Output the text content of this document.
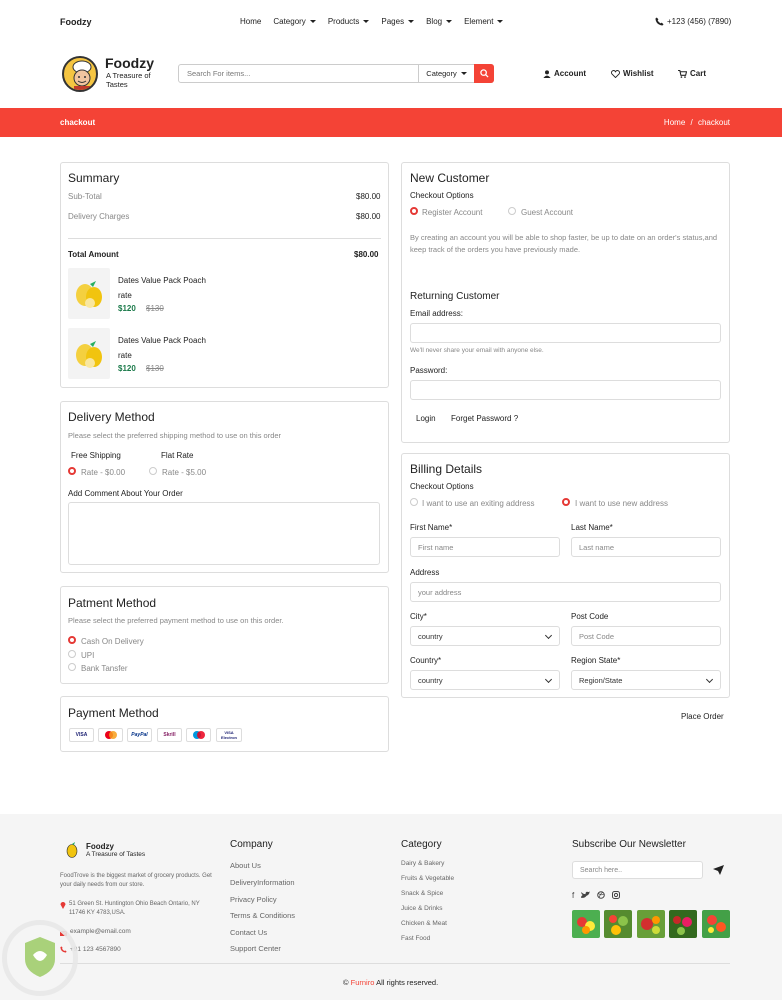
Foodzy	Home Category	Products	Pages	Blog	Element	+123 (456) (7890)
Foodzy
A Treasure of Tastes
Search For items...	Category	Account	Wishlist	Cart
chackout	Home / chackout
Summary
Sub-Total	$80.00
Delivery Charges	$80.00
Total Amount	$80.00
Dates Value Pack Poach
rate
$120 $130
Dates Value Pack Poach
rate
$120 $130
Delivery Method
Please select the preferred shipping method to use on this order
Free Shipping
Rate - $0.00
Flat Rate
Rate - $5.00
Add Comment About Your Order
Patment Method
Please select the preferred payment method to use on this order.
Cash On Delivery
UPI
Bank Tansfer
Payment Method
VISA	PayPal	Skrill	VISA Electron
New Customer
Checkout Options
Register Account	Guest Account
By creating an account you will be able to shop faster, be up to date on an order's status,and keep track of the orders you have previously made.
Returning Customer
Email address:
We'll never share your email with anyone else.
Password:
Login Forget Password ?
Billing Details
Checkout Options
I want to use an exiting address	I want to use new address
First Name*
First name
Last Name*
Last name
Address
your address
City*
country
Post Code
Post Code
Country*
country
Region State*
Region/State
Place Order
Foodzy
A Treasure of Tastes
FoodTrove is the biggest market of grocery products. Get your daily needs from our store.
51 Green St. Huntington Ohio Beach Ontario, NY 11746 KY 4783,USA.
example@email.com
+91 123 4567890
Company
About Us
DeliveryInformation
Privacy Policy
Terms & Conditions
Contact Us
Support Center
Category
Dairy & Bakery
Fruits & Vegetable
Snack & Spice
Juice & Drinks
Chicken & Meat
Fast Food
Subscribe Our Newsletter
Search here..
f
© Furniro All rights reserved.
